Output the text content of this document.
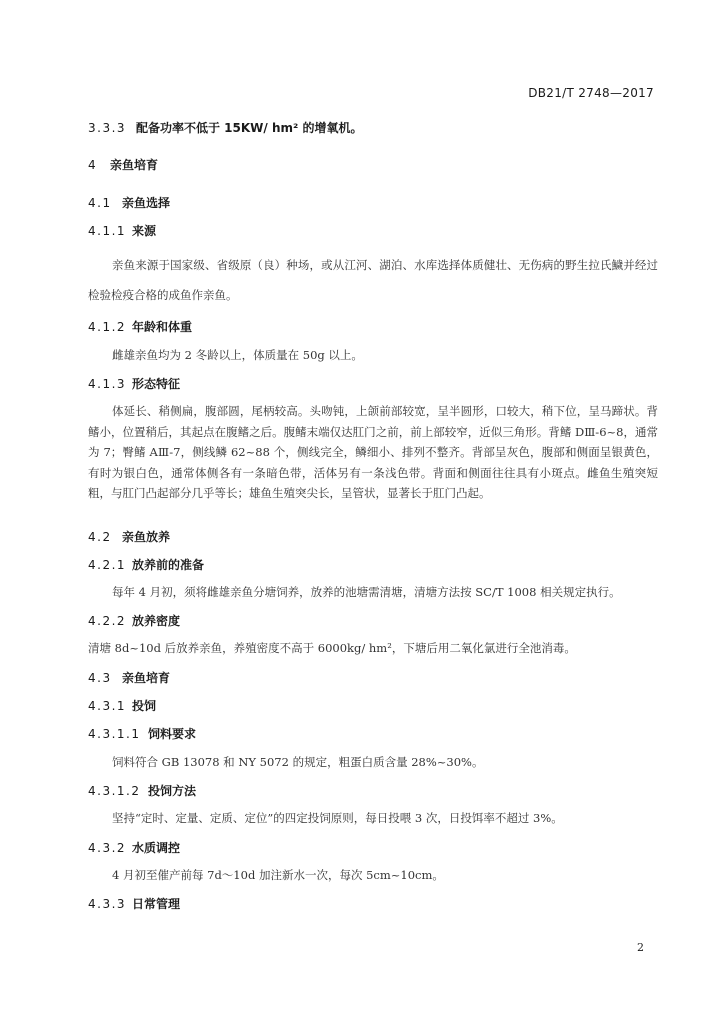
DB21/T 2748—2017
3.3.3 配备功率不低于 15KW/ hm² 的增氧机。
4 亲鱼培育
4.1 亲鱼选择
4.1.1 来源
亲鱼来源于国家级、省级原（良）种场，或从江河、湖泊、水库选择体质健壮、无伤病的野生拉氏鱥并经过检验检疫合格的成鱼作亲鱼。
4.1.2 年龄和体重
雌雄亲鱼均为 2 冬龄以上，体质量在 50g 以上。
4.1.3 形态特征
体延长、稍侧扁，腹部圆，尾柄较高。头吻钝，上颌前部较宽，呈半圆形，口较大，稍下位，呈马蹄状。背鳍小，位置稍后，其起点在腹鳍之后。腹鳍末端仅达肛门之前，前上部较窄，近似三角形。背鳍 DⅢ-6~8，通常为 7；臀鳍 AⅢ-7，侧线鳞 62~88 个，侧线完全，鳞细小、排列不整齐。背部呈灰色，腹部和侧面呈银黄色，有时为银白色，通常体侧各有一条暗色带，活体另有一条浅色带。背面和侧面往往具有小斑点。雌鱼生殖突短粗，与肛门凸起部分几乎等长；雄鱼生殖突尖长，呈管状，显著长于肛门凸起。
4.2 亲鱼放养
4.2.1 放养前的准备
每年 4 月初，须将雌雄亲鱼分塘饲养，放养的池塘需清塘，清塘方法按 SC/T 1008 相关规定执行。
4.2.2 放养密度
清塘 8d~10d 后放养亲鱼，养殖密度不高于 6000kg/ hm²，下塘后用二氧化氯进行全池消毒。
4.3 亲鱼培育
4.3.1 投饲
4.3.1.1 饲料要求
饲料符合 GB 13078 和 NY 5072 的规定，粗蛋白质含量 28%~30%。
4.3.1.2 投饲方法
坚持“定时、定量、定质、定位”的四定投饲原则，每日投喂 3 次，日投饵率不超过 3%。
4.3.2 水质调控
4 月初至催产前每 7d～10d 加注新水一次，每次 5cm~10cm。
4.3.3 日常管理
2
